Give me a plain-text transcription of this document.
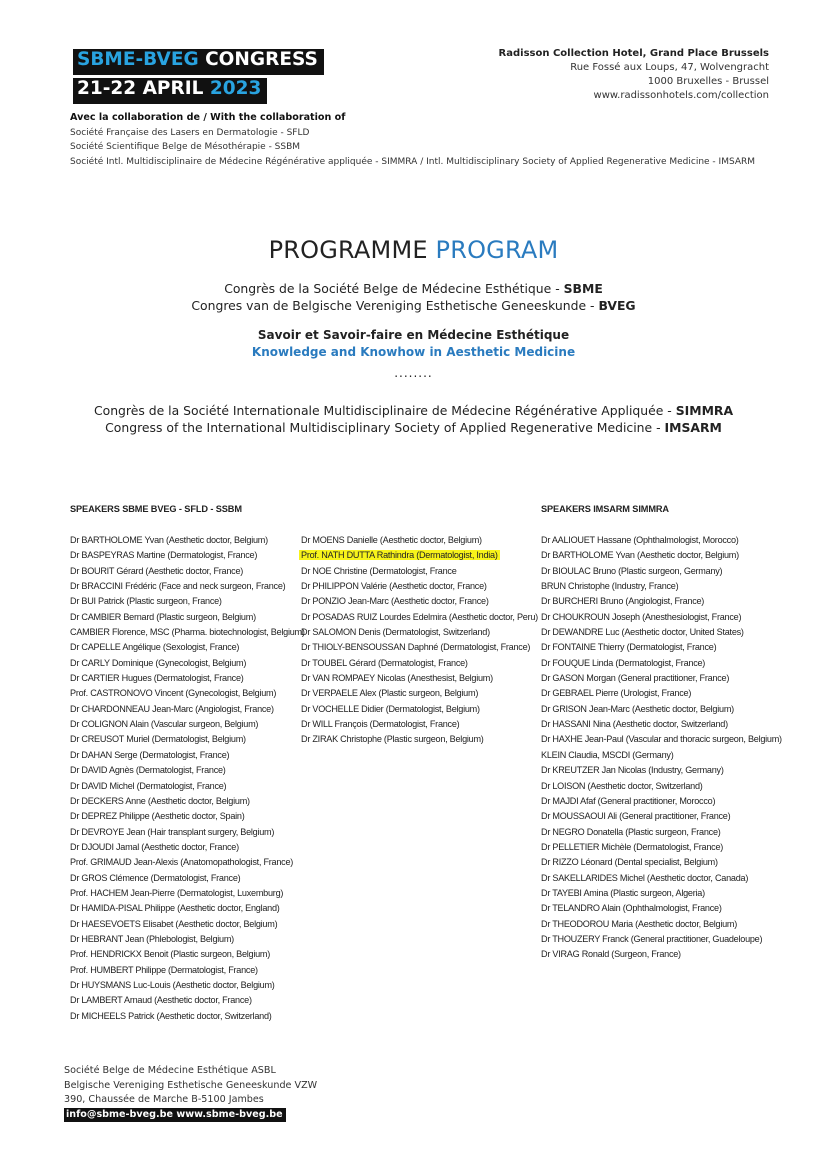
SBME-BVEG CONGRESS
21-22 APRIL 2023
Radisson Collection Hotel, Grand Place Brussels
Rue Fossé aux Loups, 47, Wolvengracht
1000 Bruxelles - Brussel
www.radissonhotels.com/collection
Avec la collaboration de / With the collaboration of
Société Française des Lasers en Dermatologie - SFLD
Société Scientifique Belge de Mésothérapie - SSBM
Société Intl. Multidisciplinaire de Médecine Régénérative appliquée - SIMMRA / Intl. Multidisciplinary Society of Applied Regenerative Medicine - IMSARM
PROGRAMME PROGRAM
Congrès de la Société Belge de Médecine Esthétique - SBME
Congres van de Belgische Vereniging Esthetische Geneeskunde - BVEG
Savoir et Savoir-faire en Médecine Esthétique
Knowledge and Knowhow in Aesthetic Medicine
........
Congrès de la Société Internationale Multidisciplinaire de Médecine Régénérative Appliquée - SIMMRA
Congress of the International Multidisciplinary Society of Applied Regenerative Medicine - IMSARM
SPEAKERS SBME BVEG - SFLD - SSBM	SPEAKERS IMSARM SIMMRA
Dr BARTHOLOME Yvan (Aesthetic doctor, Belgium)
Dr BASPEYRAS Martine (Dermatologist, France)
Dr BOURIT Gérard (Aesthetic doctor, France)
Dr BRACCINI Frédéric (Face and neck surgeon, France)
Dr BUI Patrick (Plastic surgeon, France)
Dr CAMBIER Bernard (Plastic surgeon, Belgium)
CAMBIER Florence, MSC (Pharma. biotechnologist, Belgium)
Dr CAPELLE Angélique (Sexologist, France)
Dr CARLY Dominique (Gynecologist, Belgium)
Dr CARTIER Hugues (Dermatologist, France)
Prof. CASTRONOVO Vincent (Gynecologist, Belgium)
Dr CHARDONNEAU Jean-Marc (Angiologist, France)
Dr COLIGNON Alain (Vascular surgeon, Belgium)
Dr CREUSOT Muriel (Dermatologist, Belgium)
Dr DAHAN Serge (Dermatologist, France)
Dr DAVID Agnès (Dermatologist, France)
Dr DAVID Michel (Dermatologist, France)
Dr DECKERS Anne (Aesthetic doctor, Belgium)
Dr DEPREZ Philippe (Aesthetic doctor, Spain)
Dr DEVROYE Jean (Hair transplant surgery, Belgium)
Dr DJOUDI Jamal (Aesthetic doctor, France)
Prof. GRIMAUD Jean-Alexis (Anatomopathologist, France)
Dr GROS Clémence (Dermatologist, France)
Prof. HACHEM Jean-Pierre (Dermatologist, Luxemburg)
Dr HAMIDA-PISAL Philippe (Aesthetic doctor, England)
Dr HAESEVOETS Elisabet (Aesthetic doctor, Belgium)
Dr HEBRANT Jean (Phlebologist, Belgium)
Prof. HENDRICKX Benoit (Plastic surgeon, Belgium)
Prof. HUMBERT Philippe (Dermatologist, France)
Dr HUYSMANS Luc-Louis (Aesthetic doctor, Belgium)
Dr LAMBERT Arnaud (Aesthetic doctor, France)
Dr MICHEELS Patrick (Aesthetic doctor, Switzerland)
Dr MOENS Danielle (Aesthetic doctor, Belgium)
Prof. NATH DUTTA Rathindra (Dermatologist, India)
Dr NOE Christine (Dermatologist, France
Dr PHILIPPON Valérie (Aesthetic doctor, France)
Dr PONZIO Jean-Marc (Aesthetic doctor, France)
Dr POSADAS RUIZ Lourdes Edelmira (Aesthetic doctor, Peru)
Dr SALOMON Denis (Dermatologist, Switzerland)
Dr THIOLY-BENSOUSSAN Daphné (Dermatologist, France)
Dr TOUBEL Gérard (Dermatologist, France)
Dr VAN ROMPAEY Nicolas (Anesthesist, Belgium)
Dr VERPAELE Alex (Plastic surgeon, Belgium)
Dr VOCHELLE Didier (Dermatologist, Belgium)
Dr WILL François (Dermatologist, France)
Dr ZIRAK Christophe (Plastic surgeon, Belgium)
Dr AALIOUET Hassane (Ophthalmologist, Morocco)
Dr BARTHOLOME Yvan (Aesthetic doctor, Belgium)
Dr BIOULAC Bruno (Plastic surgeon, Germany)
BRUN Christophe (Industry, France)
Dr BURCHERI Bruno (Angiologist, France)
Dr CHOUKROUN Joseph (Anesthesiologist, France)
Dr DEWANDRE Luc (Aesthetic doctor, United States)
Dr FONTAINE Thierry (Dermatologist, France)
Dr FOUQUE Linda (Dermatologist, France)
Dr GASON Morgan (General practitioner, France)
Dr GEBRAEL Pierre (Urologist, France)
Dr GRISON Jean-Marc (Aesthetic doctor, Belgium)
Dr HASSANI Nina (Aesthetic doctor, Switzerland)
Dr HAXHE Jean-Paul (Vascular and thoracic surgeon, Belgium)
KLEIN Claudia, MSCDI (Germany)
Dr KREUTZER Jan Nicolas (Industry, Germany)
Dr LOISON (Aesthetic doctor, Switzerland)
Dr MAJDI Afaf (General practitioner, Morocco)
Dr MOUSSAOUI Ali (General practitioner, France)
Dr NEGRO Donatella (Plastic surgeon, France)
Dr PELLETIER Michèle (Dermatologist, France)
Dr RIZZO Léonard (Dental specialist, Belgium)
Dr SAKELLARIDES Michel (Aesthetic doctor, Canada)
Dr TAYEBI Amina (Plastic surgeon, Algeria)
Dr TELANDRO Alain (Ophthalmologist, France)
Dr THEODOROU Maria (Aesthetic doctor, Belgium)
Dr THOUZERY Franck (General practitioner, Guadeloupe)
Dr VIRAG Ronald (Surgeon, France)
Société Belge de Médecine Esthétique ASBL
Belgische Vereniging Esthetische Geneeskunde VZW
390, Chaussée de Marche B-5100 Jambes
info@sbme-bveg.be www.sbme-bveg.be
